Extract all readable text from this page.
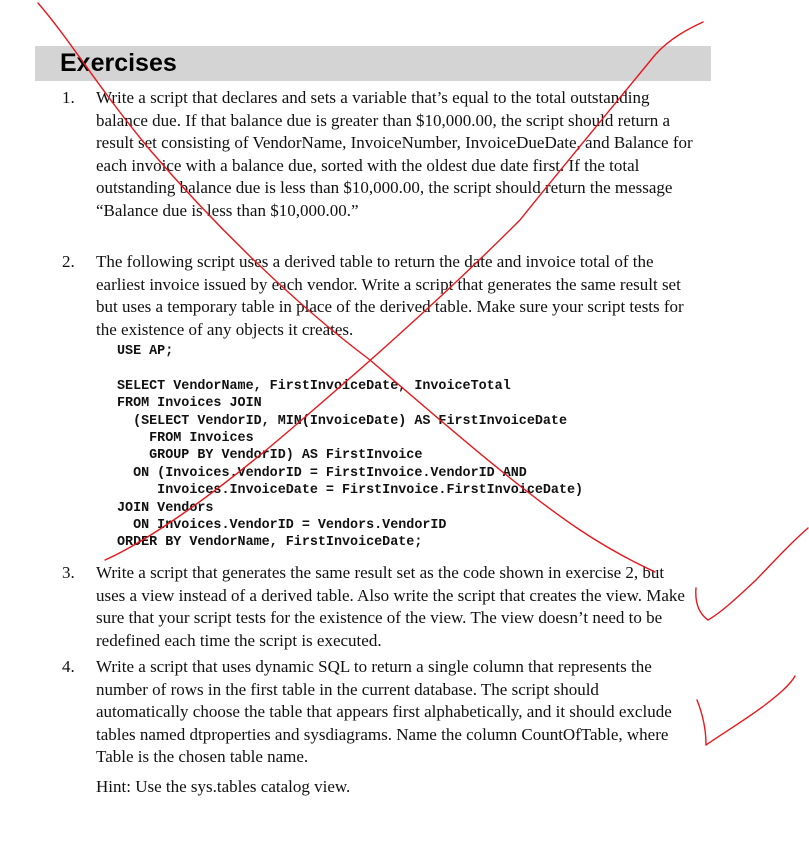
Exercises
1. Write a script that declares and sets a variable that’s equal to the total outstanding balance due. If that balance due is greater than $10,000.00, the script should return a result set consisting of VendorName, InvoiceNumber, InvoiceDueDate, and Balance for each invoice with a balance due, sorted with the oldest due date first. If the total outstanding balance due is less than $10,000.00, the script should return the message “Balance due is less than $10,000.00.”
2. The following script uses a derived table to return the date and invoice total of the earliest invoice issued by each vendor. Write a script that generates the same result set but uses a temporary table in place of the derived table. Make sure your script tests for the existence of any objects it creates.
USE AP;

SELECT VendorName, FirstInvoiceDate, InvoiceTotal
FROM Invoices JOIN
(SELECT VendorID, MIN(InvoiceDate) AS FirstInvoiceDate
FROM Invoices
GROUP BY VendorID) AS FirstInvoice
ON (Invoices.VendorID = FirstInvoice.VendorID AND
Invoices.InvoiceDate = FirstInvoice.FirstInvoiceDate)
JOIN Vendors
ON Invoices.VendorID = Vendors.VendorID
ORDER BY VendorName, FirstInvoiceDate;
3. Write a script that generates the same result set as the code shown in exercise 2, but uses a view instead of a derived table. Also write the script that creates the view. Make sure that your script tests for the existence of the view. The view doesn’t need to be redefined each time the script is executed.
4. Write a script that uses dynamic SQL to return a single column that represents the number of rows in the first table in the current database. The script should automatically choose the table that appears first alphabetically, and it should exclude tables named dtproperties and sysdiagrams. Name the column CountOfTable, where Table is the chosen table name.
Hint: Use the sys.tables catalog view.
